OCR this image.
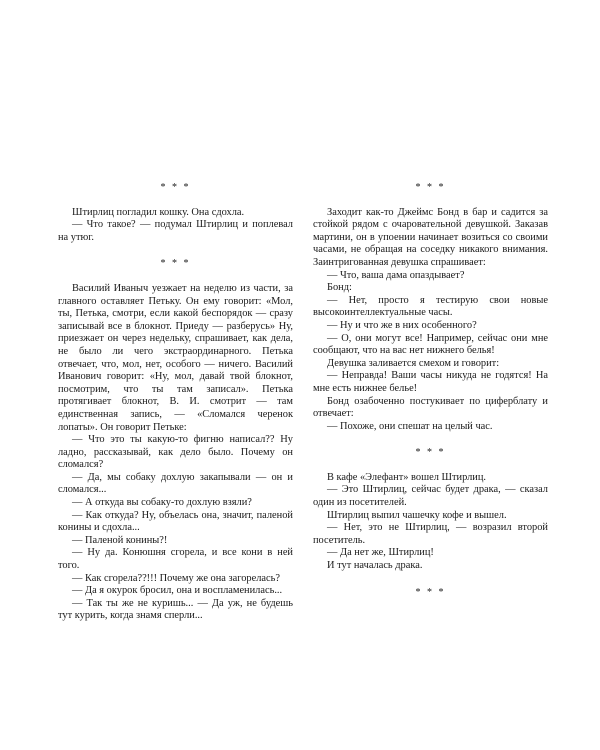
* * *

Штирлиц погладил кошку. Она сдохла.

— Что такое? — подумал Штирлиц и поплевал на утюг.

* * *

Василий Иваныч уезжает на неделю из части, за главного оставляет Петьку. Он ему говорит: «Мол, ты, Петька, смотри, если какой беспорядок — сразу записывай все в блокнот. Приеду — разберусь» Ну, приезжает он через недельку, спрашивает, как дела, не было ли чего экстраординарного. Петька отвечает, что, мол, нет, особого — ничего. Василий Иванович говорит: «Ну, мол, давай твой блокнот, посмотрим, что ты там записал». Петька протягивает блокнот, В. И. смотрит — там единственная запись, — «Сломался черенок лопаты». Он говорит Петьке:

— Что это ты какую-то фигню написал?? Ну ладно, рассказывай, как дело было. Почему он сломался?

— Да, мы собаку дохлую закапывали — он и сломался...

— А откуда вы собаку-то дохлую взяли?

— Как откуда? Ну, объелась она, значит, паленой конины и сдохла...

— Паленой конины?!

— Ну да. Конюшня сгорела, и все кони в ней того.

— Как сгорела??!!! Почему же она загорелась?

— Да я окурок бросил, она и воспламенилась...

— Так ты же не куришь... — Да уж, не будешь тут курить, когда знамя сперли...

* * *

Заходит как-то Джеймс Бонд в бар и садится за стойкой рядом с очаровательной девушкой. Заказав мартини, он в упоении начинает возиться со своими часами, не обращая на соседку никакого внимания. Заинтригованная девушка спрашивает:

— Что, ваша дама опаздывает?

Бонд:

— Нет, просто я тестирую свои новые высокоинтеллектуальные часы.

— Ну и что же в них особенного?

— О, они могут все! Например, сейчас они мне сообщают, что на вас нет нижнего белья!

Девушка заливается смехом и говорит:

— Неправда! Ваши часы никуда не годятся! На мне есть нижнее белье!

Бонд озабоченно постукивает по циферблату и отвечает:

— Похоже, они спешат на целый час.

* * *

В кафе «Элефант» вошел Штирлиц.

— Это Штирлиц, сейчас будет драка, — сказал один из посетителей.

Штирлиц выпил чашечку кофе и вышел.

— Нет, это не Штирлиц, — возразил второй посетитель.

— Да нет же, Штирлиц!

И тут началась драка.

* * *
